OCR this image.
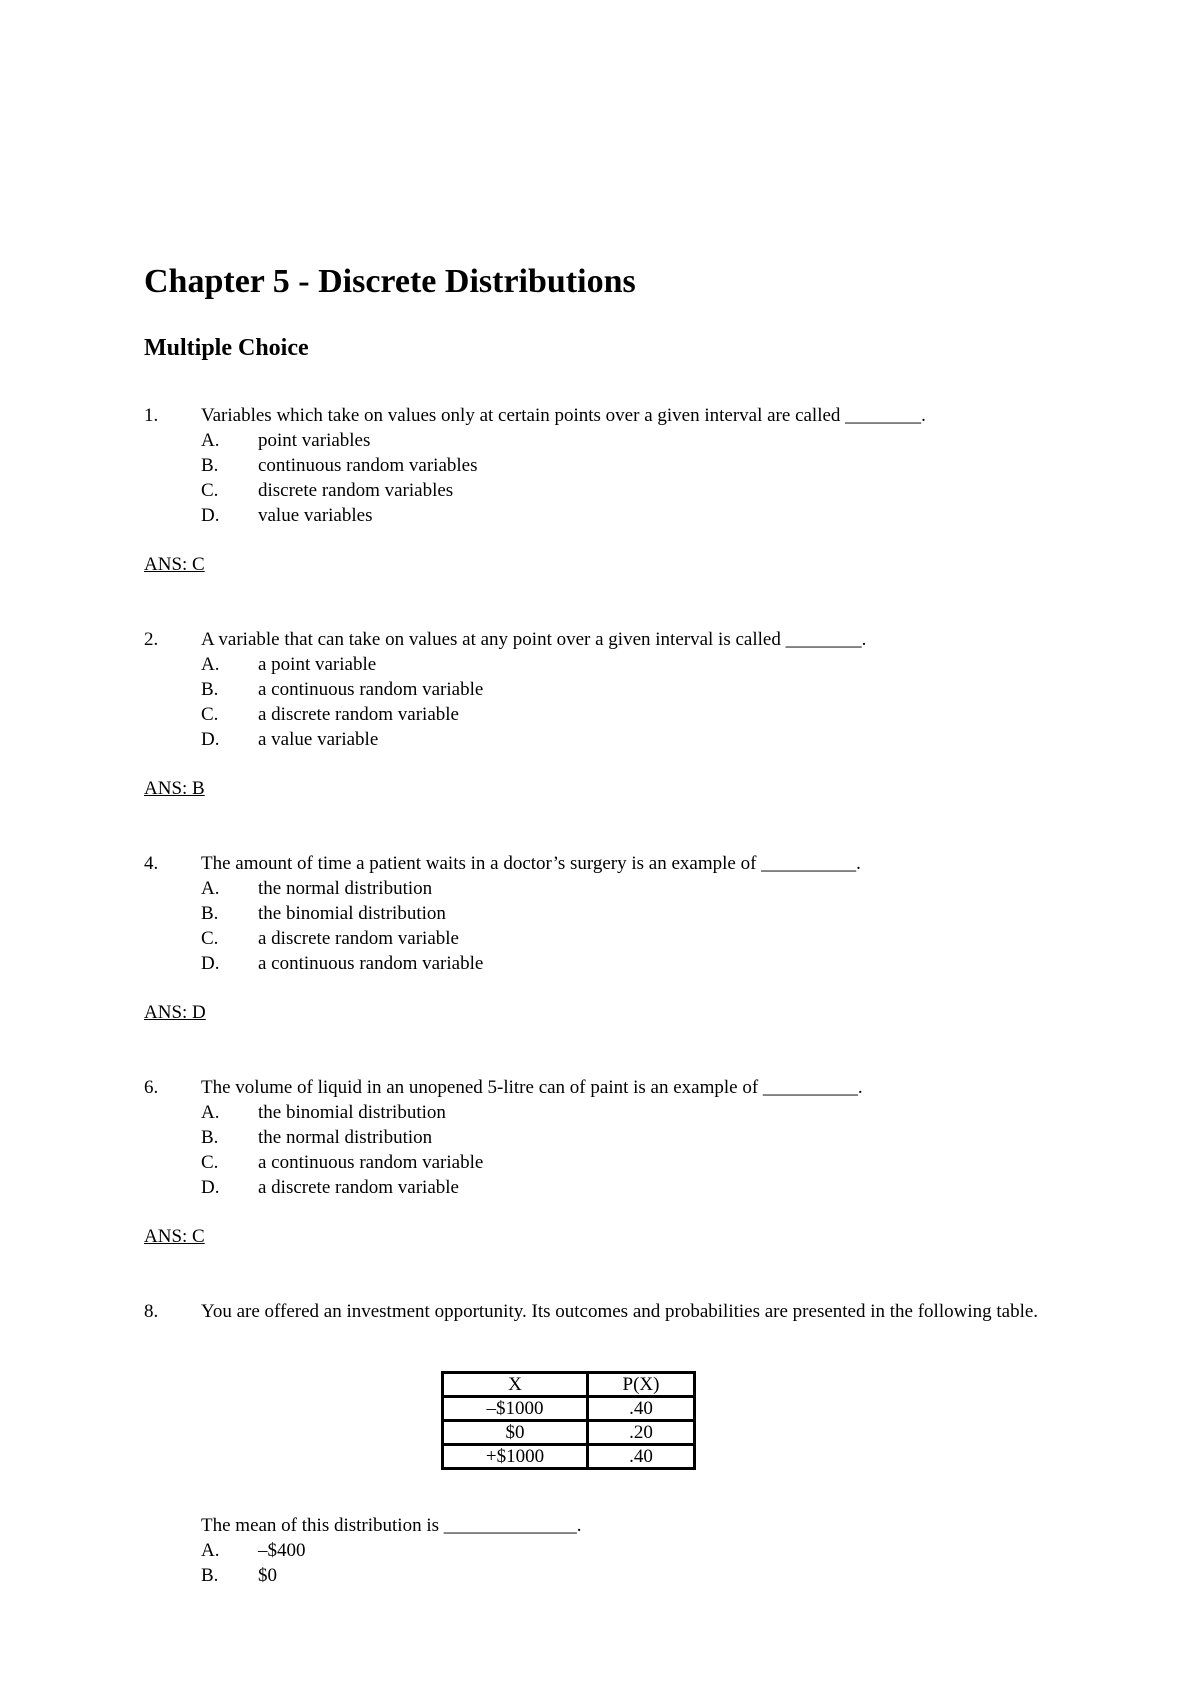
Chapter 5 - Discrete Distributions
Multiple Choice
1. Variables which take on values only at certain points over a given interval are called ________.
A. point variables
B. continuous random variables
C. discrete random variables
D. value variables
ANS: C
2. A variable that can take on values at any point over a given interval is called ________.
A. a point variable
B. a continuous random variable
C. a discrete random variable
D. a value variable
ANS: B
4. The amount of time a patient waits in a doctor’s surgery is an example of __________.
A. the normal distribution
B. the binomial distribution
C. a discrete random variable
D. a continuous random variable
ANS: D
6. The volume of liquid in an unopened 5-litre can of paint is an example of __________.
A. the binomial distribution
B. the normal distribution
C. a continuous random variable
D. a discrete random variable
ANS: C
8. You are offered an investment opportunity. Its outcomes and probabilities are presented in the following table.
X	P(X)
–$1000	.40
$0	.20
+$1000	.40
The mean of this distribution is ______________.
A. –$400
B. $0
